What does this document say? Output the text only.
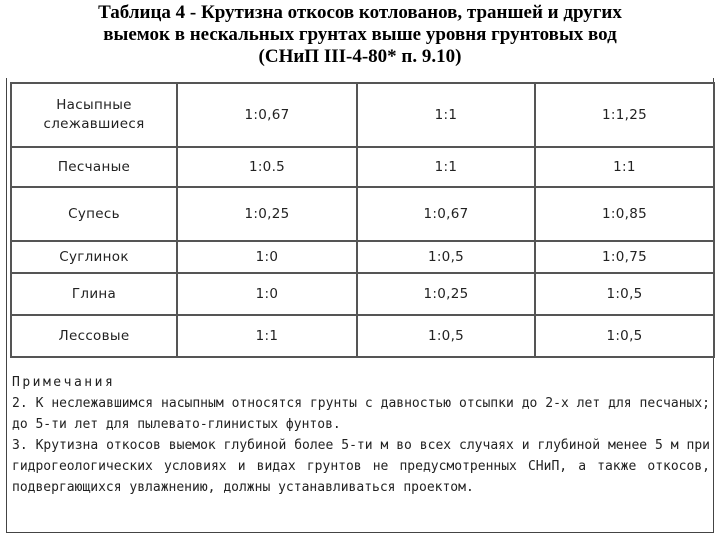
Таблица 4 - Крутизна откосов котлованов, траншей и других
выемок в нескальных грунтах выше уровня грунтовых вод
(СНиП III-4-80* п. 9.10)
Насыпные
слежавшиеся	1:0,67	1:1	1:1,25
Песчаные	1:0.5	1:1	1:1
Супесь	1:0,25	1:0,67	1:0,85
Суглинок	1:0	1:0,5	1:0,75
Глина	1:0	1:0,25	1:0,5
Лессовые	1:1	1:0,5	1:0,5
Примечания

2. К неслежавшимся насыпным относятся грунты с давностью отсыпки до 2-х лет для песчаных; до 5-ти лет для пылевато-глинистых фунтов.

3. Крутизна откосов выемок глубиной более 5-ти м во всех случаях и глубиной менее 5 м при гидрогеологических условиях и видах грунтов не предусмотренных СНиП, а также откосов, подвергающихся увлажнению, должны устанавливаться проектом.
